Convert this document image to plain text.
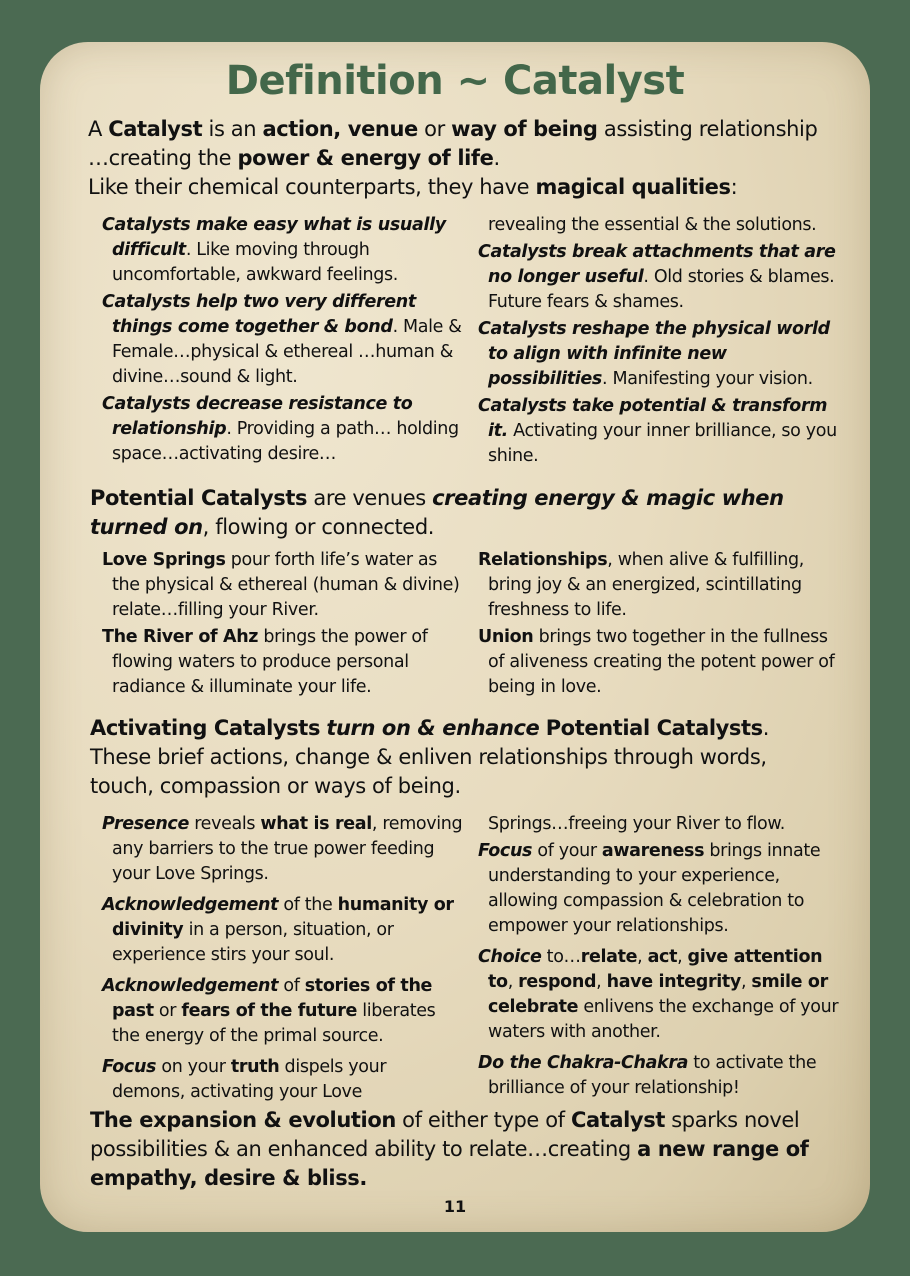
Definition ~ Catalyst

A Catalyst is an action, venue or way of being assisting relationship

…creating the power & energy of life.

Like their chemical counterparts, they have magical qualities:

Catalysts make easy what is usually difficult. Like moving through uncomfortable, awkward feelings.

Catalysts help two very different things come together & bond. Male & Female…physical & ethereal …human & divine…sound & light.

Catalysts decrease resistance to relationship. Providing a path… holding space…activating desire…

revealing the essential & the solutions.

Catalysts break attachments that are no longer useful. Old stories & blames. Future fears & shames.

Catalysts reshape the physical world to align with infinite new possibilities. Manifesting your vision.

Catalysts take potential & transform it. Activating your inner brilliance, so you shine.

Potential Catalysts are venues creating energy & magic when turned on, flowing or connected.

Love Springs pour forth life’s water as the physical & ethereal (human & divine) relate…filling your River.

The River of Ahz brings the power of flowing waters to produce personal radiance & illuminate your life.

Relationships, when alive & fulfilling, bring joy & an energized, scintillating freshness to life.

Union brings two together in the fullness of aliveness creating the potent power of being in love.

Activating Catalysts turn on & enhance Potential Catalysts. These brief actions, change & enliven relationships through words, touch, compassion or ways of being.

Presence reveals what is real, removing any barriers to the true power feeding your Love Springs.

Acknowledgement of the humanity or divinity in a person, situation, or experience stirs your soul.

Acknowledgement of stories of the past or fears of the future liberates the energy of the primal source.

Focus on your truth dispels your demons, activating your Love

Springs…freeing your River to flow.

Focus of your awareness brings innate understanding to your experience, allowing compassion & celebration to empower your relationships.

Choice to…relate, act, give attention to, respond, have integrity, smile or celebrate enlivens the exchange of your waters with another.

Do the Chakra-Chakra to activate the brilliance of your relationship!

The expansion & evolution of either type of Catalyst sparks novel possibilities & an enhanced ability to relate…creating a new range of empathy, desire & bliss.

11
